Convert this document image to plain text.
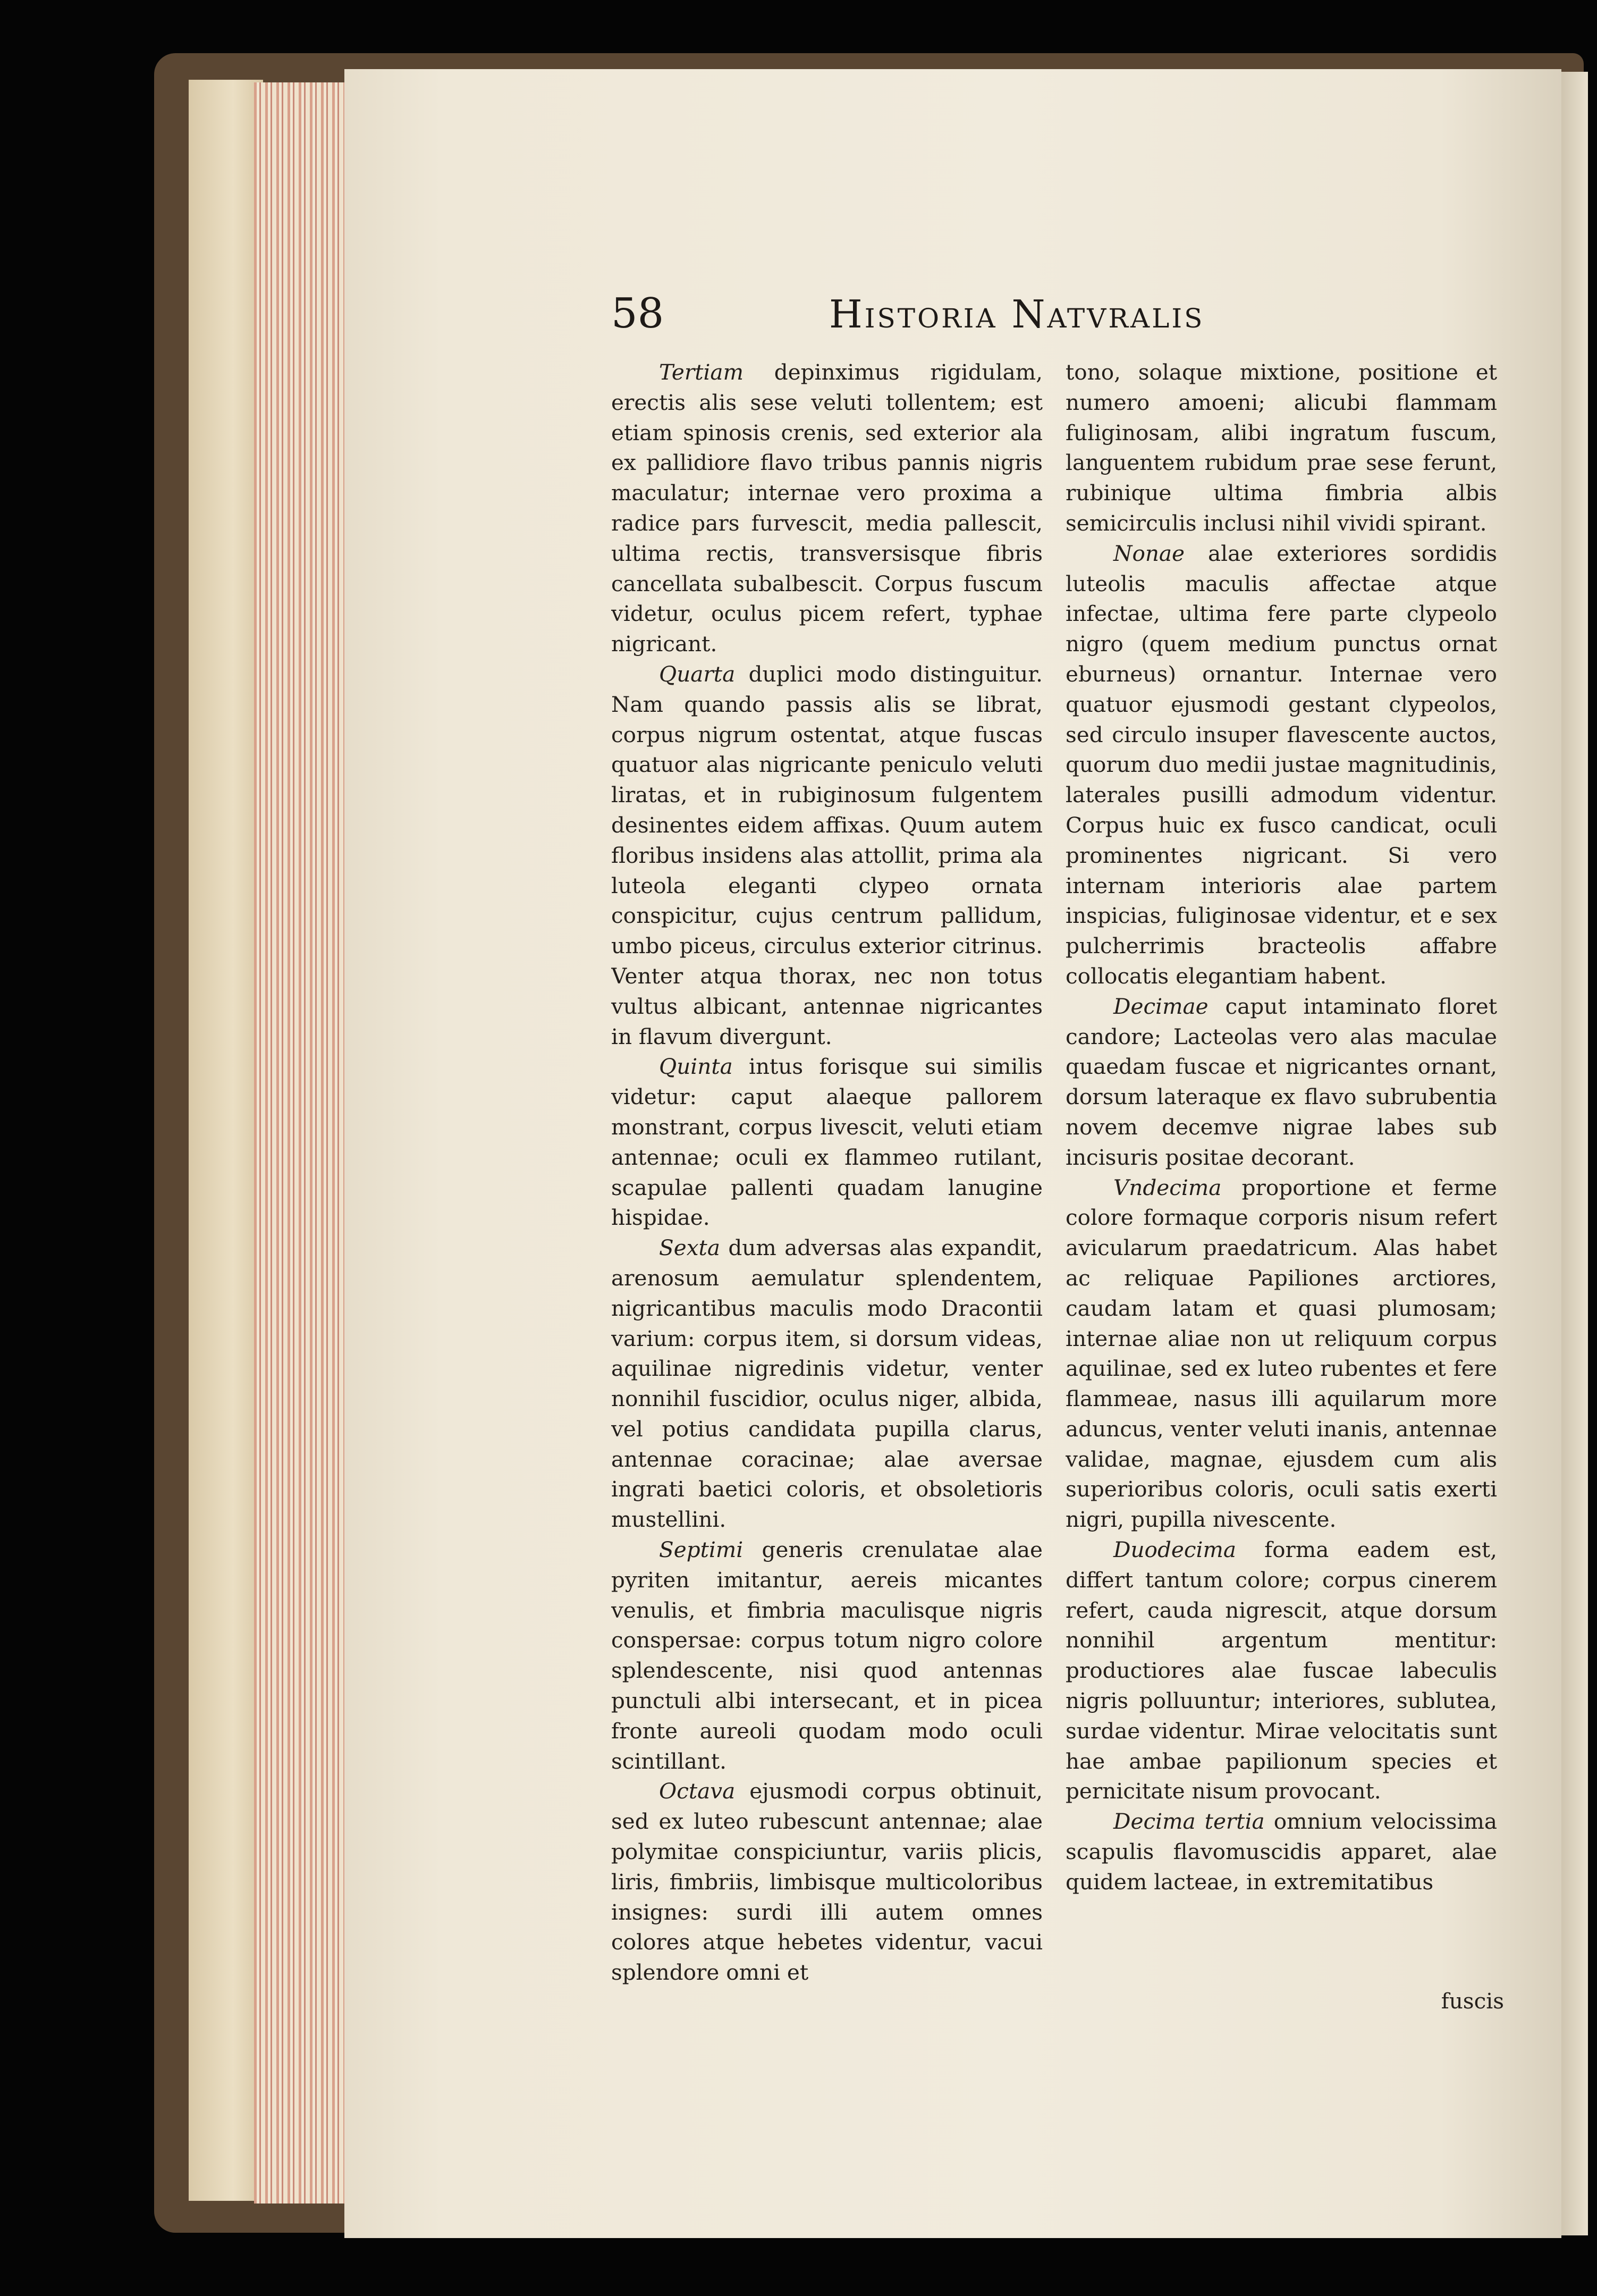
58	Historia Natvralis

Tertiam depinximus rigidulam, erectis alis sese veluti tollentem; est etiam spinosis crenis, sed exterior ala ex pallidiore flavo tribus pannis nigris maculatur; internae vero proxima a radice pars furvescit, media pallescit, ultima rectis, transversisque fibris cancellata subalbescit. Corpus fuscum videtur, oculus picem refert, typhae nigricant.

Quarta duplici modo distinguitur. Nam quando passis alis se librat, corpus nigrum ostentat, atque fuscas quatuor alas nigricante peniculo veluti liratas, et in rubiginosum fulgentem desinentes eidem affixas. Quum autem floribus insidens alas attollit, prima ala luteola eleganti clypeo ornata conspicitur, cujus centrum pallidum, umbo piceus, circulus exterior citrinus. Venter atqua thorax, nec non totus vultus albicant, antennae nigricantes in flavum divergunt.

Quinta intus forisque sui similis videtur: caput alaeque pallorem monstrant, corpus livescit, veluti etiam antennae; oculi ex flammeo rutilant, scapulae pallenti quadam lanugine hispidae.

Sexta dum adversas alas expandit, arenosum aemulatur splendentem, nigricantibus maculis modo Dracontii varium: corpus item, si dorsum videas, aquilinae nigredinis videtur, venter nonnihil fuscidior, oculus niger, albida, vel potius candidata pupilla clarus, antennae coracinae; alae aversae ingrati baetici coloris, et obsoletioris mustellini.

Septimi generis crenulatae alae pyriten imitantur, aereis micantes venulis, et fimbria maculisque nigris conspersae: corpus totum nigro colore splendescente, nisi quod antennas punctuli albi intersecant, et in picea fronte aureoli quodam modo oculi scintillant.

Octava ejusmodi corpus obtinuit, sed ex luteo rubescunt antennae; alae polymitae conspiciuntur, variis plicis, liris, fimbriis, limbisque multicoloribus insignes: surdi illi autem omnes colores atque hebetes videntur, vacui splendore omni et

tono, solaque mixtione, positione et numero amoeni; alicubi flammam fuliginosam, alibi ingratum fuscum, languentem rubidum prae sese ferunt, rubinique ultima fimbria albis semicirculis inclusi nihil vividi spirant.

Nonae alae exteriores sordidis luteolis maculis affectae atque infectae, ultima fere parte clypeolo nigro (quem medium punctus ornat eburneus) ornantur. Internae vero quatuor ejusmodi gestant clypeolos, sed circulo insuper flavescente auctos, quorum duo medii justae magnitudinis, laterales pusilli admodum videntur. Corpus huic ex fusco candicat, oculi prominentes nigricant. Si vero internam interioris alae partem inspicias, fuliginosae videntur, et e sex pulcherrimis bracteolis affabre collocatis elegantiam habent.

Decimae caput intaminato floret candore; Lacteolas vero alas maculae quaedam fuscae et nigricantes ornant, dorsum lateraque ex flavo subrubentia novem decemve nigrae labes sub incisuris positae decorant.

Vndecima proportione et ferme colore formaque corporis nisum refert avicularum praedatricum. Alas habet ac reliquae Papiliones arctiores, caudam latam et quasi plumosam; internae aliae non ut reliquum corpus aquilinae, sed ex luteo rubentes et fere flammeae, nasus illi aquilarum more aduncus, venter veluti inanis, antennae validae, magnae, ejusdem cum alis superioribus coloris, oculi satis exerti nigri, pupilla nivescente.

Duodecima forma eadem est, differt tantum colore; corpus cinerem refert, cauda nigrescit, atque dorsum nonnihil argentum mentitur: productiores alae fuscae labeculis nigris polluuntur; interiores, sublutea, surdae videntur. Mirae velocitatis sunt hae ambae papilionum species et pernicitate nisum provocant.

Decima tertia omnium velocissima scapulis flavomuscidis apparet, alae quidem lacteae, in extremitatibus

fuscis
